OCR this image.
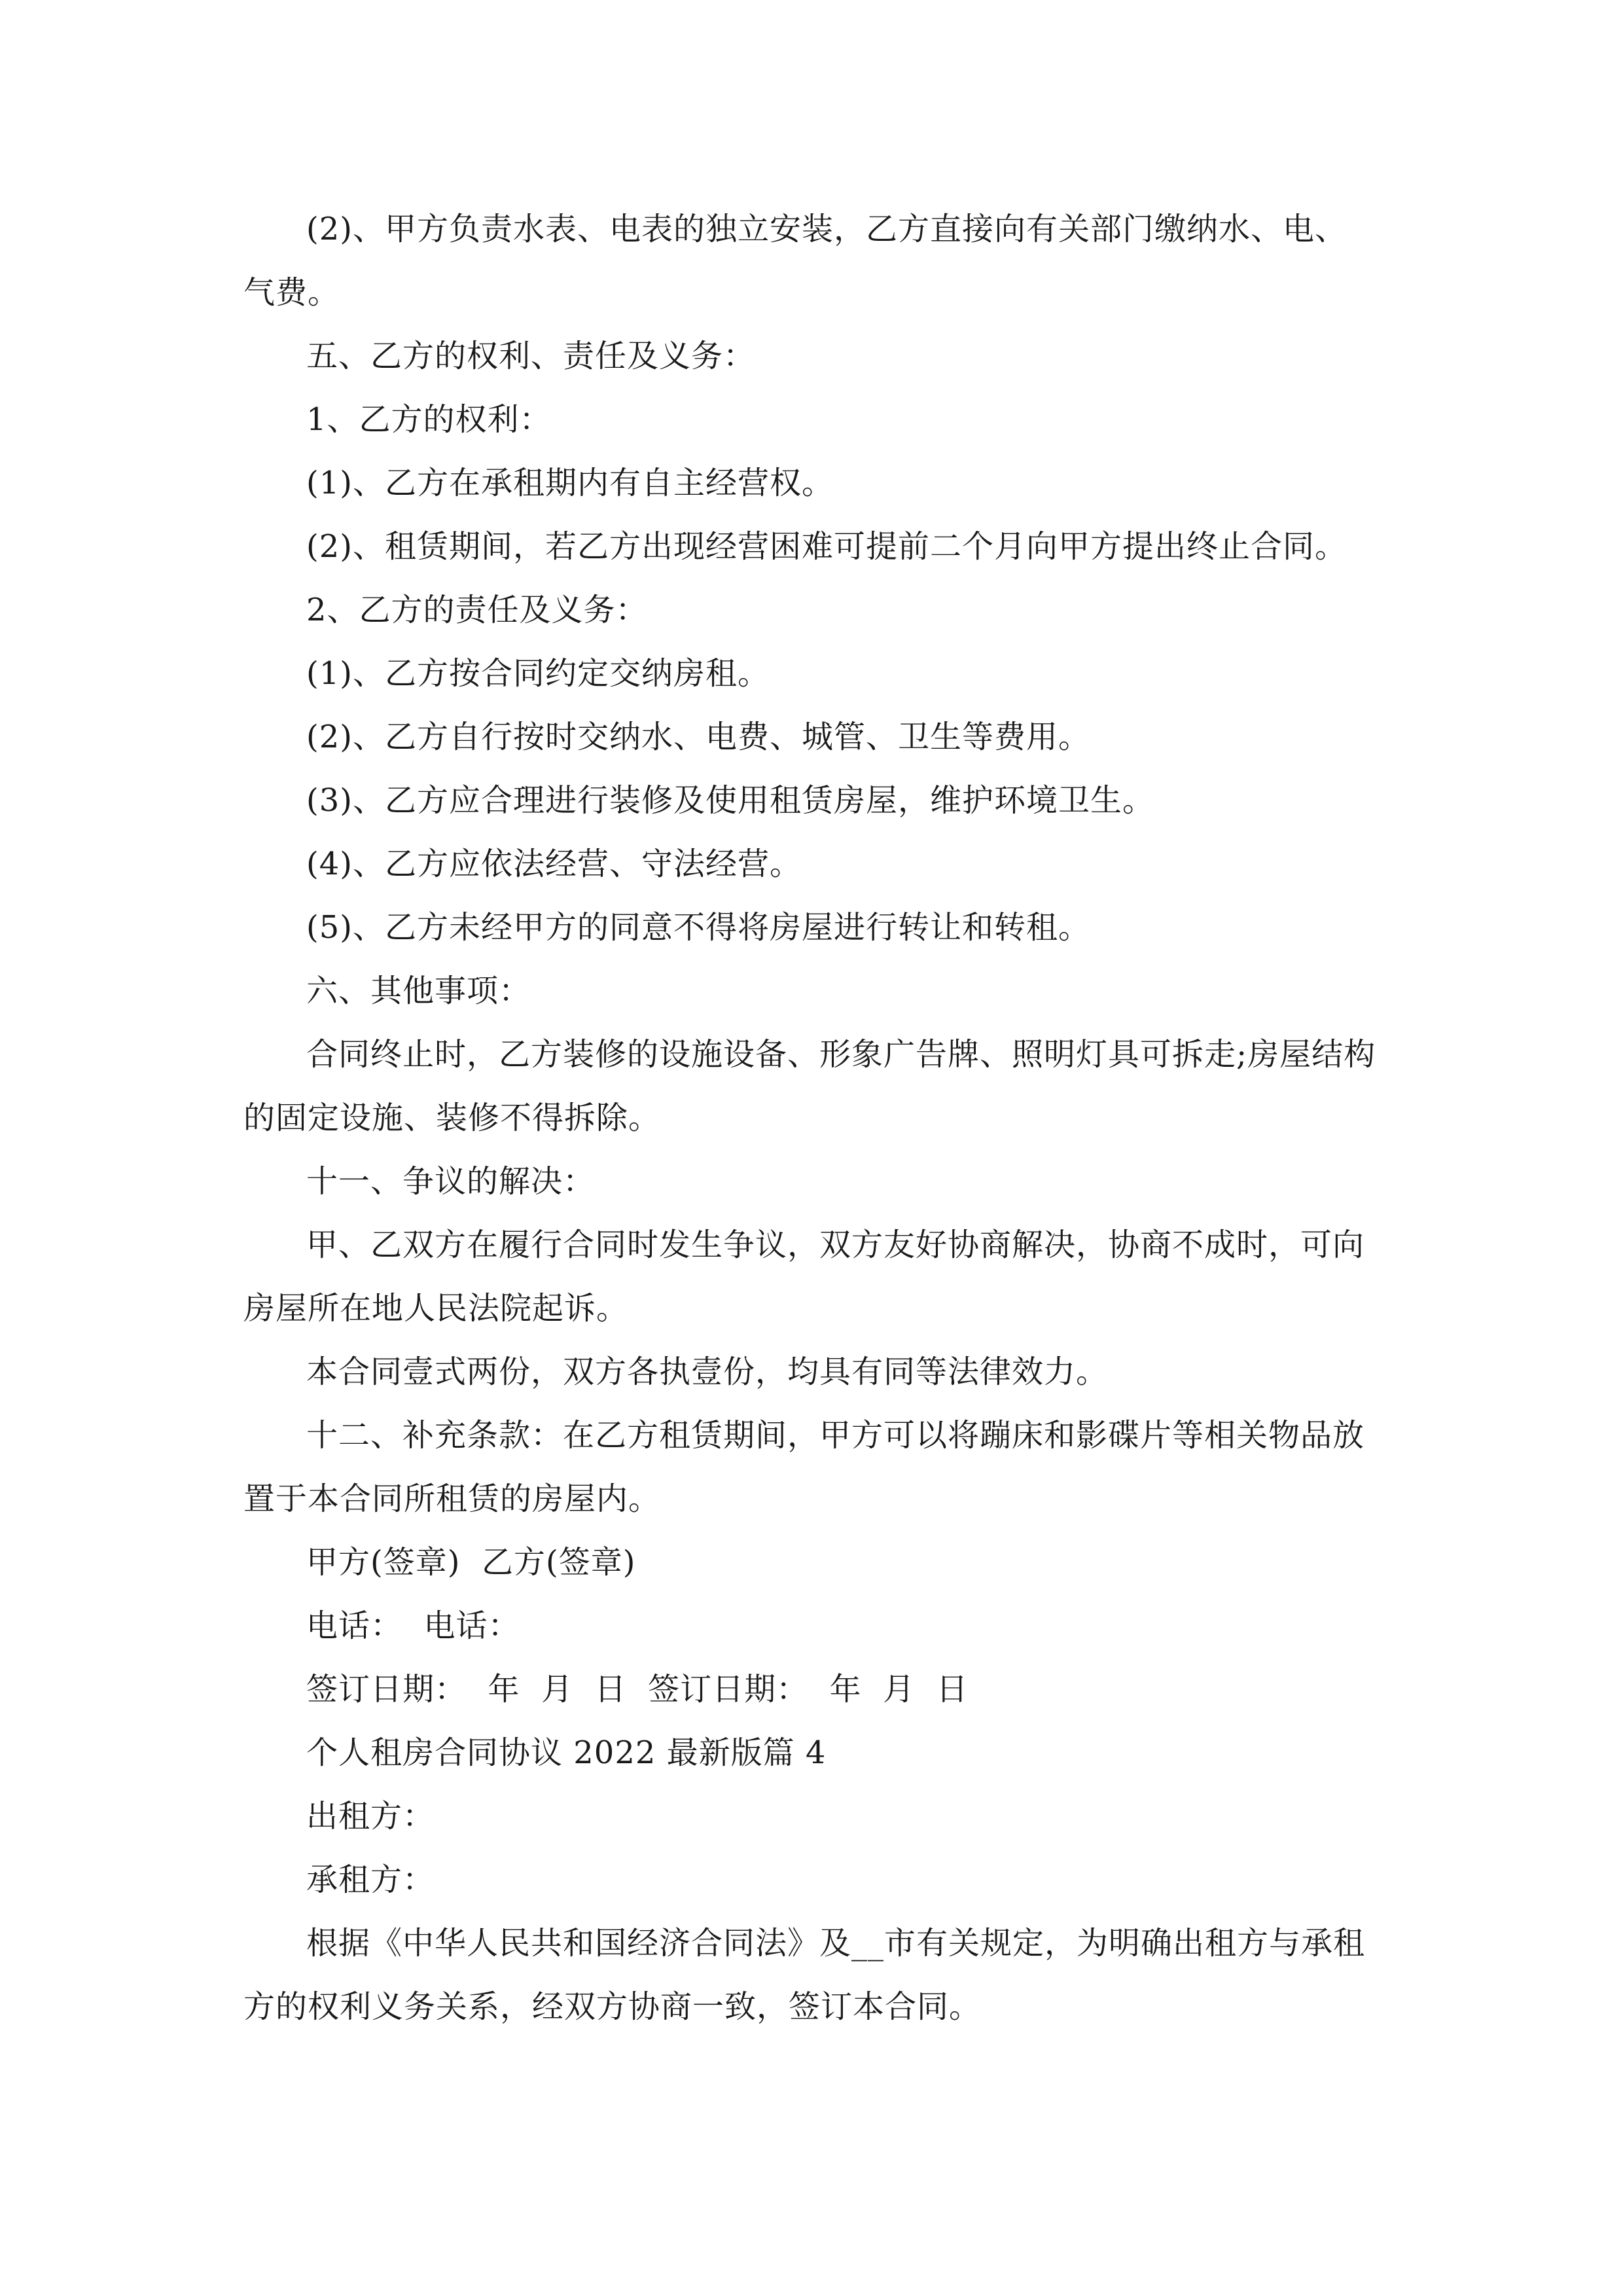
(2)、甲方负责水表、电表的独立安装，乙方直接向有关部门缴纳水、电、气费。

五、乙方的权利、责任及义务：

1、乙方的权利：

(1)、乙方在承租期内有自主经营权。

(2)、租赁期间，若乙方出现经营困难可提前二个月向甲方提出终止合同。

2、乙方的责任及义务：

(1)、乙方按合同约定交纳房租。

(2)、乙方自行按时交纳水、电费、城管、卫生等费用。

(3)、乙方应合理进行装修及使用租赁房屋，维护环境卫生。

(4)、乙方应依法经营、守法经营。

(5)、乙方未经甲方的同意不得将房屋进行转让和转租。

六、其他事项：

合同终止时，乙方装修的设施设备、形象广告牌、照明灯具可拆走;房屋结构的固定设施、装修不得拆除。

十一、争议的解决：

甲、乙双方在履行合同时发生争议，双方友好协商解决，协商不成时，可向房屋所在地人民法院起诉。

本合同壹式两份，双方各执壹份，均具有同等法律效力。

十二、补充条款：在乙方租赁期间，甲方可以将蹦床和影碟片等相关物品放置于本合同所租赁的房屋内。

甲方(签章)  乙方(签章)

电话：  电话：

签订日期：  年  月  日  签订日期：  年  月  日

个人租房合同协议 2022 最新版篇 4

出租方：

承租方：

根据《中华人民共和国经济合同法》及__市有关规定，为明确出租方与承租方的权利义务关系，经双方协商一致，签订本合同。
